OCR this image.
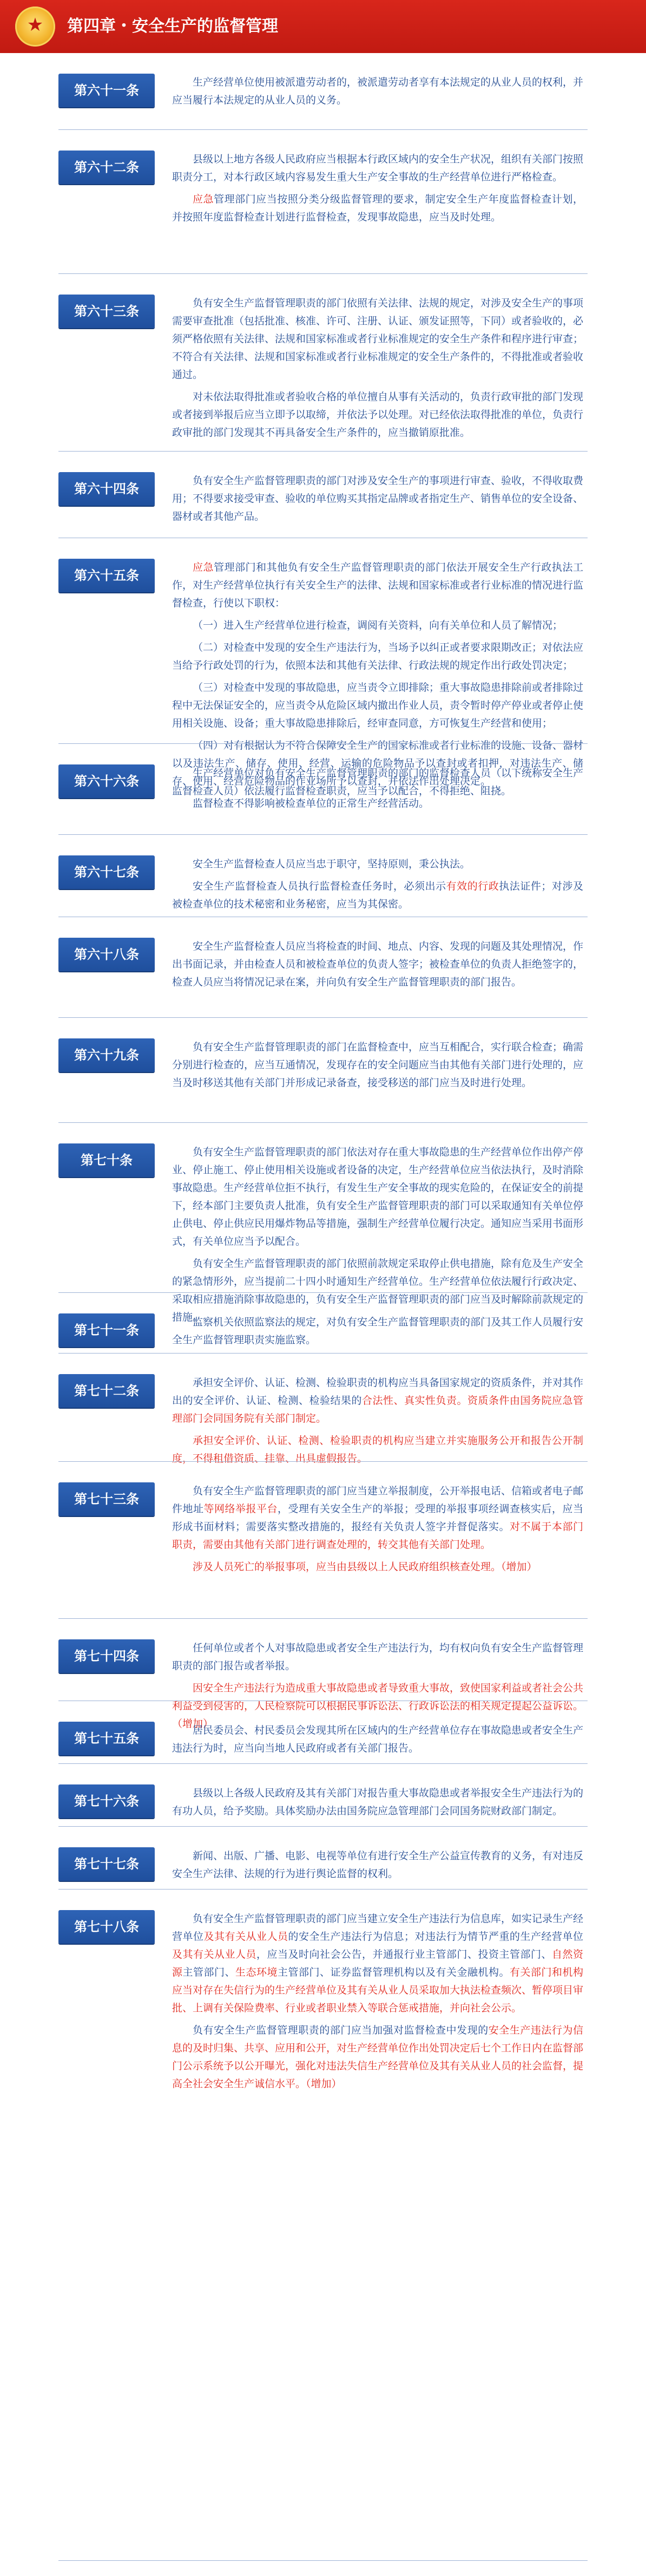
★	第四章・安全生产的监督管理
第六十一条

生产经营单位使用被派遣劳动者的，被派遣劳动者享有本法规定的从业人员的权利，并应当履行本法规定的从业人员的义务。

第六十二条

县级以上地方各级人民政府应当根据本行政区域内的安全生产状况，组织有关部门按照职责分工，对本行政区域内容易发生重大生产安全事故的生产经营单位进行严格检查。

应急管理部门应当按照分类分级监督管理的要求，制定安全生产年度监督检查计划，并按照年度监督检查计划进行监督检查，发现事故隐患，应当及时处理。

第六十三条

负有安全生产监督管理职责的部门依照有关法律、法规的规定，对涉及安全生产的事项需要审查批准（包括批准、核准、许可、注册、认证、颁发证照等，下同）或者验收的，必须严格依照有关法律、法规和国家标准或者行业标准规定的安全生产条件和程序进行审查；不符合有关法律、法规和国家标准或者行业标准规定的安全生产条件的，不得批准或者验收通过。

对未依法取得批准或者验收合格的单位擅自从事有关活动的，负责行政审批的部门发现或者接到举报后应当立即予以取缔，并依法予以处理。对已经依法取得批准的单位，负责行政审批的部门发现其不再具备安全生产条件的，应当撤销原批准。

第六十四条

负有安全生产监督管理职责的部门对涉及安全生产的事项进行审查、验收，不得收取费用；不得要求接受审查、验收的单位购买其指定品牌或者指定生产、销售单位的安全设备、器材或者其他产品。

第六十五条

应急管理部门和其他负有安全生产监督管理职责的部门依法开展安全生产行政执法工作，对生产经营单位执行有关安全生产的法律、法规和国家标准或者行业标准的情况进行监督检查，行使以下职权：

（一）进入生产经营单位进行检查，调阅有关资料，向有关单位和人员了解情况；

（二）对检查中发现的安全生产违法行为，当场予以纠正或者要求限期改正；对依法应当给予行政处罚的行为，依照本法和其他有关法律、行政法规的规定作出行政处罚决定；

（三）对检查中发现的事故隐患，应当责令立即排除；重大事故隐患排除前或者排除过程中无法保证安全的，应当责令从危险区域内撤出作业人员，责令暂时停产停业或者停止使用相关设施、设备；重大事故隐患排除后，经审查同意，方可恢复生产经营和使用；

（四）对有根据认为不符合保障安全生产的国家标准或者行业标准的设施、设备、器材以及违法生产、储存、使用、经营、运输的危险物品予以查封或者扣押，对违法生产、储存、使用、经营危险物品的作业场所予以查封，并依法作出处理决定。

监督检查不得影响被检查单位的正常生产经营活动。

第六十六条

生产经营单位对负有安全生产监督管理职责的部门的监督检查人员（以下统称安全生产监督检查人员）依法履行监督检查职责，应当予以配合，不得拒绝、阻挠。

第六十七条

安全生产监督检查人员应当忠于职守，坚持原则，秉公执法。

安全生产监督检查人员执行监督检查任务时，必须出示有效的行政执法证件；对涉及被检查单位的技术秘密和业务秘密，应当为其保密。

第六十八条

安全生产监督检查人员应当将检查的时间、地点、内容、发现的问题及其处理情况，作出书面记录，并由检查人员和被检查单位的负责人签字；被检查单位的负责人拒绝签字的，检查人员应当将情况记录在案，并向负有安全生产监督管理职责的部门报告。

第六十九条

负有安全生产监督管理职责的部门在监督检查中，应当互相配合，实行联合检查；确需分别进行检查的，应当互通情况，发现存在的安全问题应当由其他有关部门进行处理的，应当及时移送其他有关部门并形成记录备查，接受移送的部门应当及时进行处理。

第七十条

负有安全生产监督管理职责的部门依法对存在重大事故隐患的生产经营单位作出停产停业、停止施工、停止使用相关设施或者设备的决定，生产经营单位应当依法执行，及时消除事故隐患。生产经营单位拒不执行，有发生生产安全事故的现实危险的，在保证安全的前提下，经本部门主要负责人批准，负有安全生产监督管理职责的部门可以采取通知有关单位停止供电、停止供应民用爆炸物品等措施，强制生产经营单位履行决定。通知应当采用书面形式，有关单位应当予以配合。

负有安全生产监督管理职责的部门依照前款规定采取停止供电措施，除有危及生产安全的紧急情形外，应当提前二十四小时通知生产经营单位。生产经营单位依法履行行政决定、采取相应措施消除事故隐患的，负有安全生产监督管理职责的部门应当及时解除前款规定的措施。

第七十一条

监察机关依照监察法的规定，对负有安全生产监督管理职责的部门及其工作人员履行安全生产监督管理职责实施监察。

第七十二条

承担安全评价、认证、检测、检验职责的机构应当具备国家规定的资质条件，并对其作出的安全评价、认证、检测、检验结果的合法性、真实性负责。资质条件由国务院应急管理部门会同国务院有关部门制定。

承担安全评价、认证、检测、检验职责的机构应当建立并实施服务公开和报告公开制度，不得租借资质、挂靠、出具虚假报告。

第七十三条

负有安全生产监督管理职责的部门应当建立举报制度，公开举报电话、信箱或者电子邮件地址等网络举报平台，受理有关安全生产的举报；受理的举报事项经调查核实后，应当形成书面材料；需要落实整改措施的，报经有关负责人签字并督促落实。对不属于本部门职责，需要由其他有关部门进行调查处理的，转交其他有关部门处理。

涉及人员死亡的举报事项，应当由县级以上人民政府组织核查处理。（增加）

第七十四条

任何单位或者个人对事故隐患或者安全生产违法行为，均有权向负有安全生产监督管理职责的部门报告或者举报。

因安全生产违法行为造成重大事故隐患或者导致重大事故，致使国家利益或者社会公共利益受到侵害的，人民检察院可以根据民事诉讼法、行政诉讼法的相关规定提起公益诉讼。（增加）

第七十五条

居民委员会、村民委员会发现其所在区域内的生产经营单位存在事故隐患或者安全生产违法行为时，应当向当地人民政府或者有关部门报告。

第七十六条

县级以上各级人民政府及其有关部门对报告重大事故隐患或者举报安全生产违法行为的有功人员，给予奖励。具体奖励办法由国务院应急管理部门会同国务院财政部门制定。

第七十七条

新闻、出版、广播、电影、电视等单位有进行安全生产公益宣传教育的义务，有对违反安全生产法律、法规的行为进行舆论监督的权利。

第七十八条

负有安全生产监督管理职责的部门应当建立安全生产违法行为信息库，如实记录生产经营单位及其有关从业人员的安全生产违法行为信息；对违法行为情节严重的生产经营单位及其有关从业人员，应当及时向社会公告，并通报行业主管部门、投资主管部门、自然资源主管部门、生态环境主管部门、证券监督管理机构以及有关金融机构。有关部门和机构应当对存在失信行为的生产经营单位及其有关从业人员采取加大执法检查频次、暂停项目审批、上调有关保险费率、行业或者职业禁入等联合惩戒措施，并向社会公示。

负有安全生产监督管理职责的部门应当加强对监督检查中发现的安全生产违法行为信息的及时归集、共享、应用和公开，对生产经营单位作出处罚决定后七个工作日内在监督部门公示系统予以公开曝光，强化对违法失信生产经营单位及其有关从业人员的社会监督，提高全社会安全生产诚信水平。（增加）
